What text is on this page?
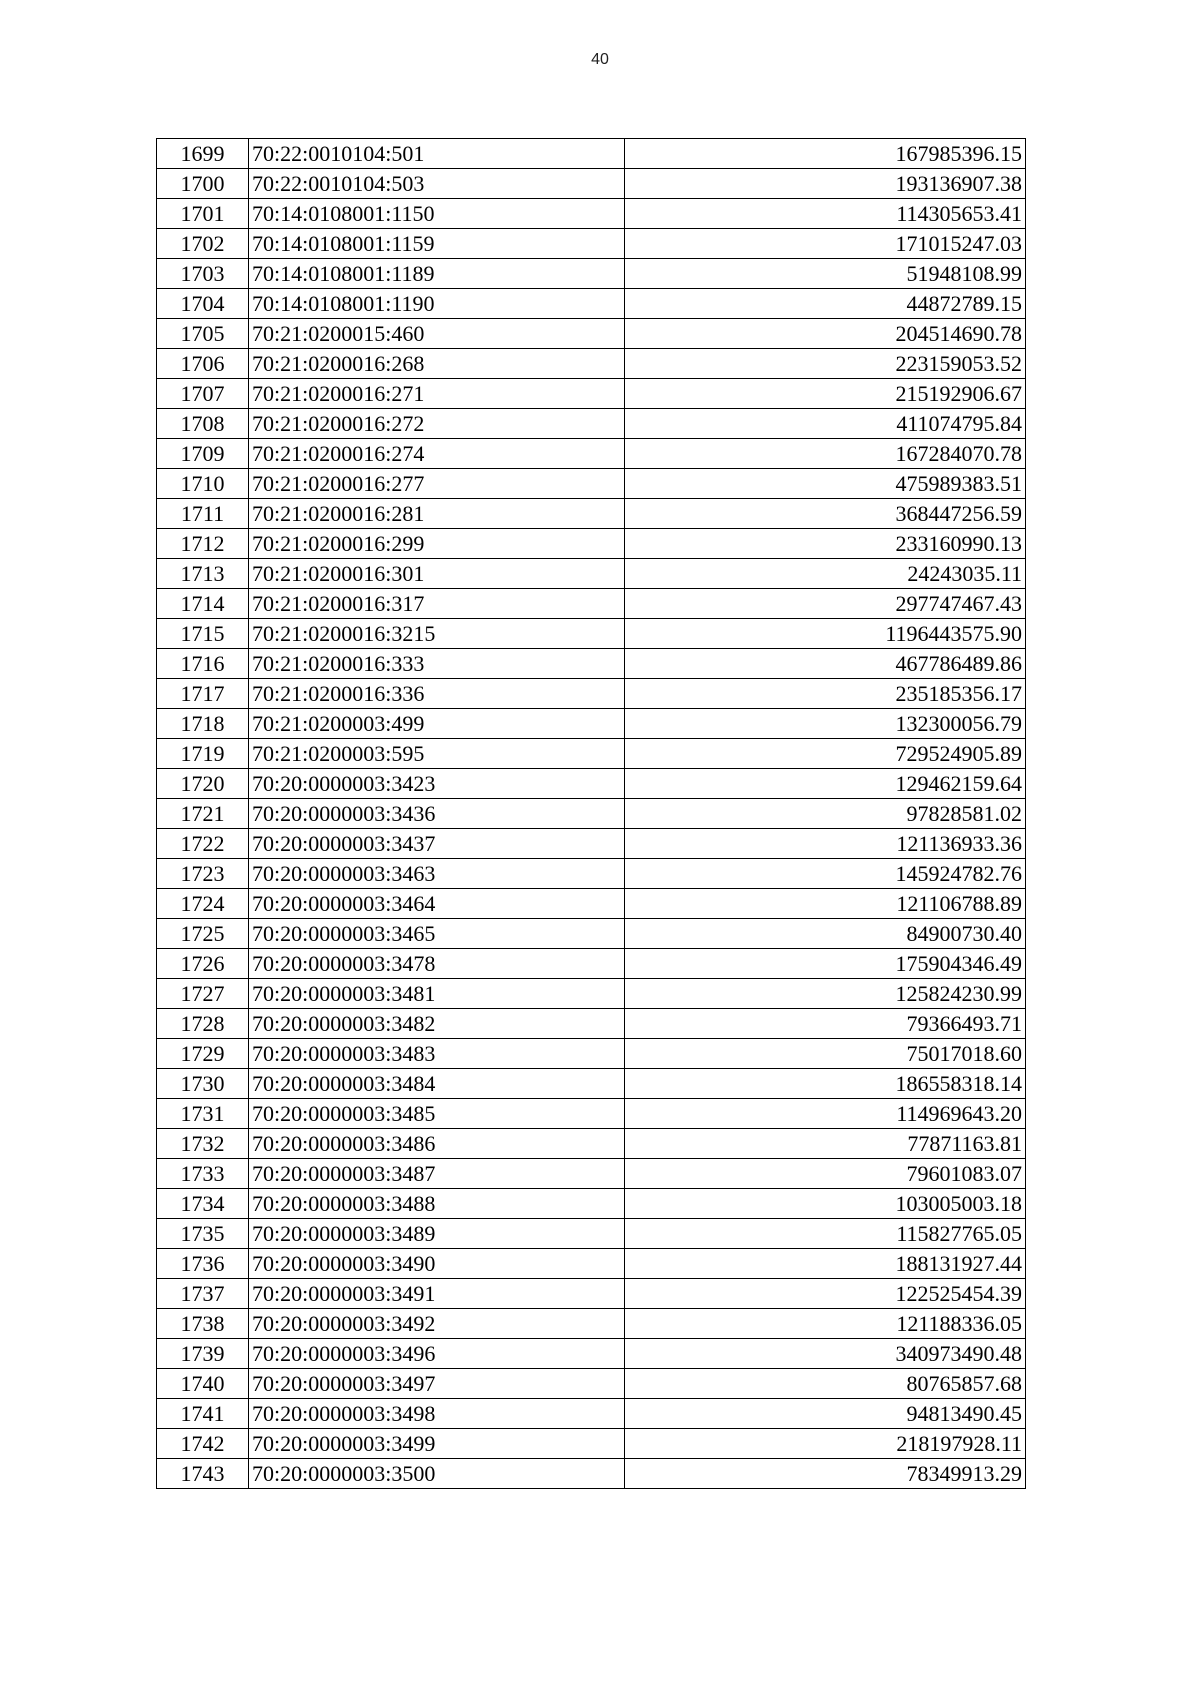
40
1699	70:22:0010104:501	167985396.15
1700	70:22:0010104:503	193136907.38
1701	70:14:0108001:1150	114305653.41
1702	70:14:0108001:1159	171015247.03
1703	70:14:0108001:1189	51948108.99
1704	70:14:0108001:1190	44872789.15
1705	70:21:0200015:460	204514690.78
1706	70:21:0200016:268	223159053.52
1707	70:21:0200016:271	215192906.67
1708	70:21:0200016:272	411074795.84
1709	70:21:0200016:274	167284070.78
1710	70:21:0200016:277	475989383.51
1711	70:21:0200016:281	368447256.59
1712	70:21:0200016:299	233160990.13
1713	70:21:0200016:301	24243035.11
1714	70:21:0200016:317	297747467.43
1715	70:21:0200016:3215	1196443575.90
1716	70:21:0200016:333	467786489.86
1717	70:21:0200016:336	235185356.17
1718	70:21:0200003:499	132300056.79
1719	70:21:0200003:595	729524905.89
1720	70:20:0000003:3423	129462159.64
1721	70:20:0000003:3436	97828581.02
1722	70:20:0000003:3437	121136933.36
1723	70:20:0000003:3463	145924782.76
1724	70:20:0000003:3464	121106788.89
1725	70:20:0000003:3465	84900730.40
1726	70:20:0000003:3478	175904346.49
1727	70:20:0000003:3481	125824230.99
1728	70:20:0000003:3482	79366493.71
1729	70:20:0000003:3483	75017018.60
1730	70:20:0000003:3484	186558318.14
1731	70:20:0000003:3485	114969643.20
1732	70:20:0000003:3486	77871163.81
1733	70:20:0000003:3487	79601083.07
1734	70:20:0000003:3488	103005003.18
1735	70:20:0000003:3489	115827765.05
1736	70:20:0000003:3490	188131927.44
1737	70:20:0000003:3491	122525454.39
1738	70:20:0000003:3492	121188336.05
1739	70:20:0000003:3496	340973490.48
1740	70:20:0000003:3497	80765857.68
1741	70:20:0000003:3498	94813490.45
1742	70:20:0000003:3499	218197928.11
1743	70:20:0000003:3500	78349913.29
